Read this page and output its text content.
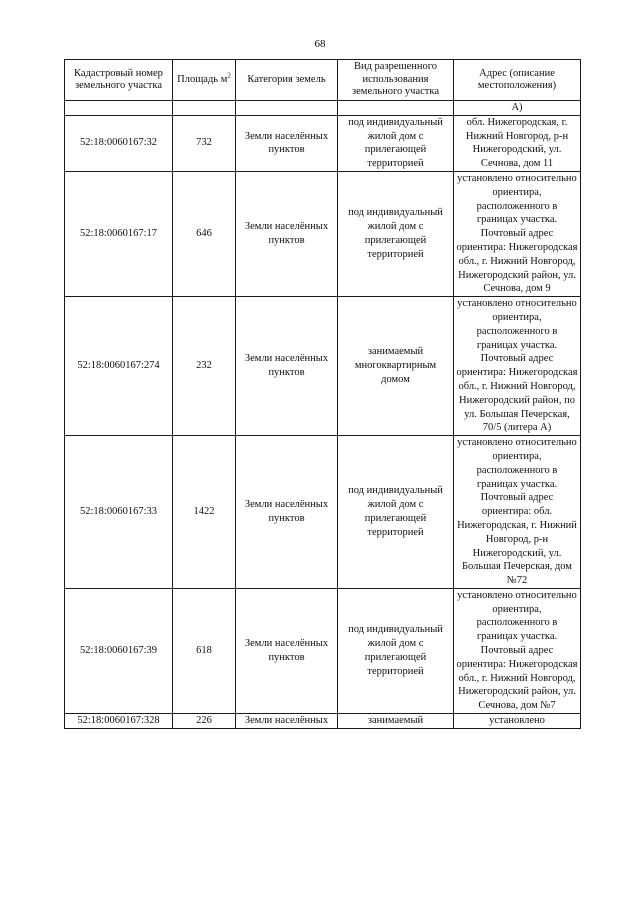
68
Кадастровый номер земельного участка	Площадь $м^2$	Категория земель	Вид разрешенного использования земельного участка	Адрес (описание местоположения)
				А)
52:18:0060167:32	732	Земли населённых пунктов	под индивидуальный жилой дом с прилегающей территорией	обл. Нижегородская, г. Нижний Новгород, р-н Нижегородский, ул. Сечнова, дом 11
52:18:0060167:17	646	Земли населённых пунктов	под индивидуальный жилой дом с прилегающей территорией	установлено относительно ориентира, расположенного в границах участка. Почтовый адрес ориентира: Нижегородская обл., г. Нижний Новгород, Нижегородский район, ул. Сечнова, дом 9
52:18:0060167:274	232	Земли населённых пунктов	занимаемый многоквартирным домом	установлено относительно ориентира, расположенного в границах участка. Почтовый адрес ориентира: Нижегородская обл., г. Нижний Новгород, Нижегородский район, по ул. Большая Печерская, 70/5 (литера А)
52:18:0060167:33	1422	Земли населённых пунктов	под индивидуальный жилой дом с прилегающей территорией	установлено относительно ориентира, расположенного в границах участка. Почтовый адрес ориентира: обл. Нижегородская, г. Нижний Новгород, р-н Нижегородский, ул. Большая Печерская, дом №72
52:18:0060167:39	618	Земли населённых пунктов	под индивидуальный жилой дом с прилегающей территорией	установлено относительно ориентира, расположенного в границах участка. Почтовый адрес ориентира: Нижегородская обл., г. Нижний Новгород, Нижегородский район, ул. Сечнова, дом №7
52:18:0060167:328	226	Земли населённых	занимаемый	установлено
